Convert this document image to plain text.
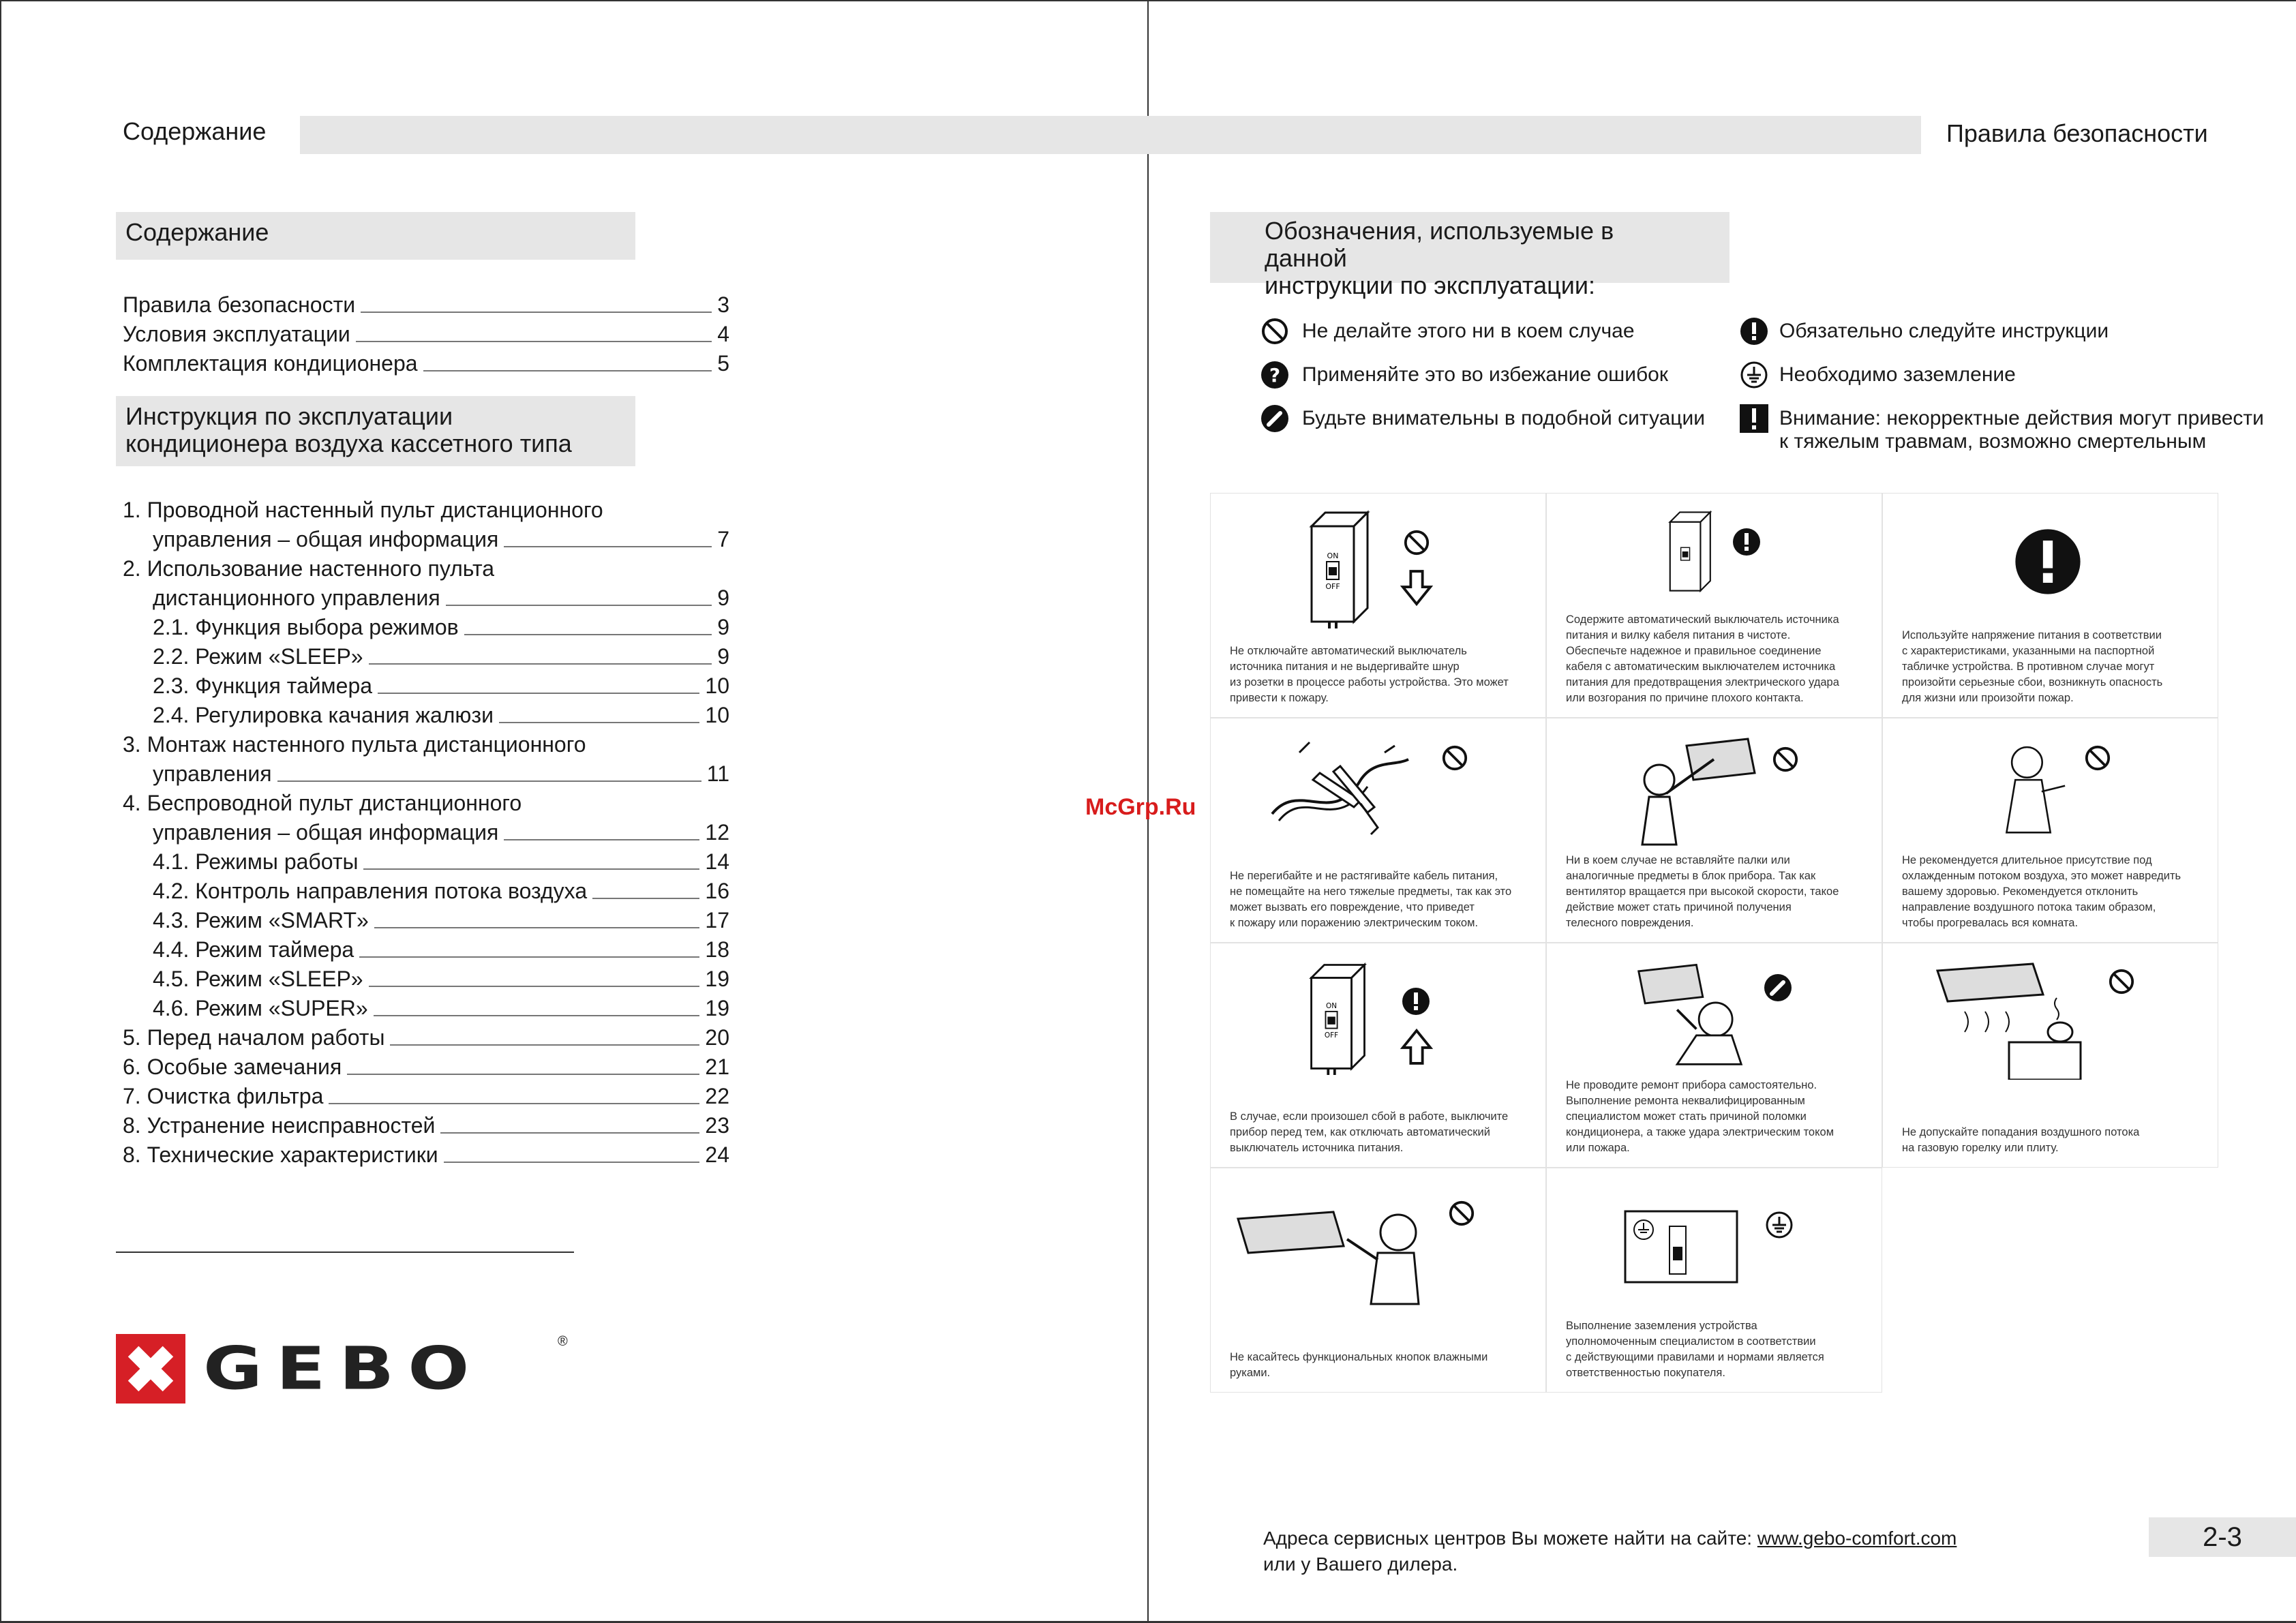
Содержание
Содержание
Правила безопасности	3
Условия эксплуатации	4
Комплектация кондиционера	5
Инструкция по эксплуатации
кондиционера воздуха кассетного типа
1. Проводной настенный пульт дистанционного
управления – общая информация	7
2. Использование настенного пульта
дистанционного управления	9
2.1. Функция выбора режимов	9
2.2. Режим «SLEEP»	9
2.3. Функция таймера	10
2.4. Регулировка качания жалюзи	10
3. Монтаж настенного пульта дистанционного
управления	11
4. Беспроводной пульт дистанционного
управления – общая информация	12
4.1. Режимы работы	14
4.2. Контроль направления потока воздуха	16
4.3. Режим «SMART»	17
4.4. Режим таймера	18
4.5. Режим «SLEEP»	19
4.6. Режим «SUPER»	19
5. Перед началом работы	20
6. Особые замечания	21
7. Очистка фильтра	22
8. Устранение неисправностей	23
8. Технические характеристики	24
GEBO	®
Правила безопасности
Обозначения, используемые в данной
инструкции по эксплуатации:
Не делайте этого ни в коем случае
? Применяйте это во избежание ошибок
Будьте внимательны в подобной ситуации
Обязательно следуйте инструкции
Необходимо заземление
Внимание: некорректные действия могут привести
к тяжелым травмам, возможно смертельным
ON
OFF
Не отключайте автоматический выключатель
источника питания и не выдергивайте шнур
из розетки в процессе работы устройства. Это может
привести к пожару.
Содержите автоматический выключатель источника
питания и вилку кабеля питания в чистоте.
Обеспечьте надежное и правильное соединение
кабеля с автоматическим выключателем источника
питания для предотвращения электрического удара
или возгорания по причине плохого контакта.
Используйте напряжение питания в соответствии
с характеристиками, указанными на паспортной
табличке устройства. В противном случае могут
произойти серьезные сбои, возникнуть опасность
для жизни или произойти пожар.
Не перегибайте и не растягивайте кабель питания,
не помещайте на него тяжелые предметы, так как это
может вызвать его повреждение, что приведет
к пожару или поражению электрическим током.
Ни в коем случае не вставляйте палки или
аналогичные предметы в блок прибора. Так как
вентилятор вращается при высокой скорости, такое
действие может стать причиной получения
телесного повреждения.
Не рекомендуется длительное присутствие под
охлажденным потоком воздуха, это может навредить
вашему здоровью. Рекомендуется отклонить
направление воздушного потока таким образом,
чтобы прогревалась вся комната.
ON
OFF
В случае, если произошел сбой в работе, выключите
прибор перед тем, как отключать автоматический
выключатель источника питания.
Не проводите ремонт прибора самостоятельно.
Выполнение ремонта неквалифицированным
специалистом может стать причиной поломки
кондиционера, а также удара электрическим током
или пожара.
Не допускайте попадания воздушного потока
на газовую горелку или плиту.
Не касайтесь функциональных кнопок влажными
руками.
Выполнение заземления устройства
уполномоченным специалистом в соответствии
с действующими правилами и нормами является
ответственностью покупателя.
McGrp.Ru
Адреса сервисных центров Вы можете найти на сайте: www.gebo-comfort.com
или у Вашего дилера.
2-3
